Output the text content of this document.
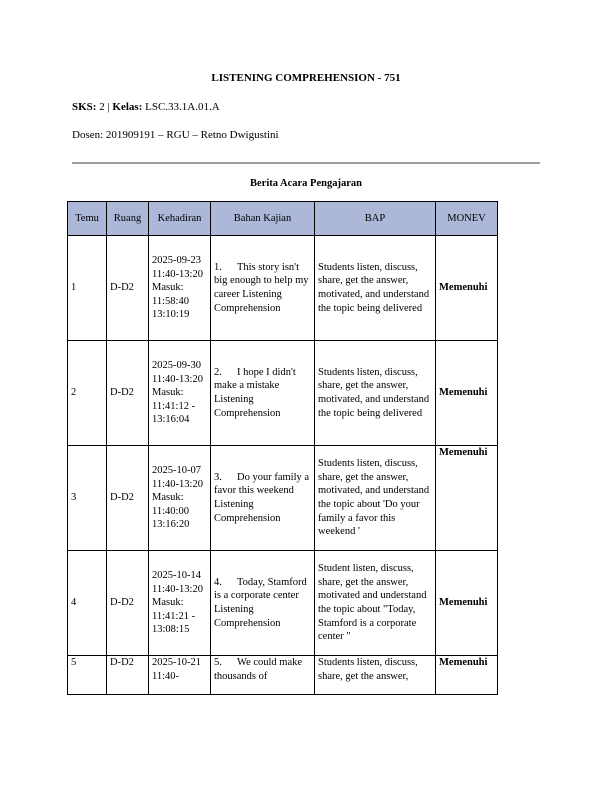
LISTENING COMPREHENSION - 751
SKS: 2 | Kelas: LSC.33.1A.01.A
Dosen: 201909191 – RGU – Retno Dwigustini
Berita Acara Pengajaran
Temu	Ruang	Kehadiran	Bahan Kajian	BAP	MONEV
1	D-D2	2025-09-23 11:40-13:20 Masuk: 11:58:40 13:10:19	1. This story isn't big enough to help my career Listening Comprehension	Students listen, discuss, share, get the answer, motivated, and understand the topic being delivered	Memenuhi
2	D-D2	2025-09-30 11:40-13:20 Masuk: 11:41:12 - 13:16:04	2. I hope I didn't make a mistake Listening Comprehension	Students listen, discuss, share, get the answer, motivated, and understand the topic being delivered	Memenuhi
3	D-D2	2025-10-07 11:40-13:20 Masuk: 11:40:00 13:16:20	3. Do your family a favor this weekend Listening Comprehension	Students listen, discuss, share, get the answer, motivated, and understand the topic about 'Do your family a favor this weekend '	Memenuhi
4	D-D2	2025-10-14 11:40-13:20 Masuk: 11:41:21 - 13:08:15	4. Today, Stamford is a corporate center Listening Comprehension	Student listen, discuss, share, get the answer, motivated and understand the topic about "Today, Stamford is a corporate center "	Memenuhi
5	D-D2	2025-10-21 11:40-	5. We could make thousands of	Students listen, discuss, share, get the answer,	Memenuhi
